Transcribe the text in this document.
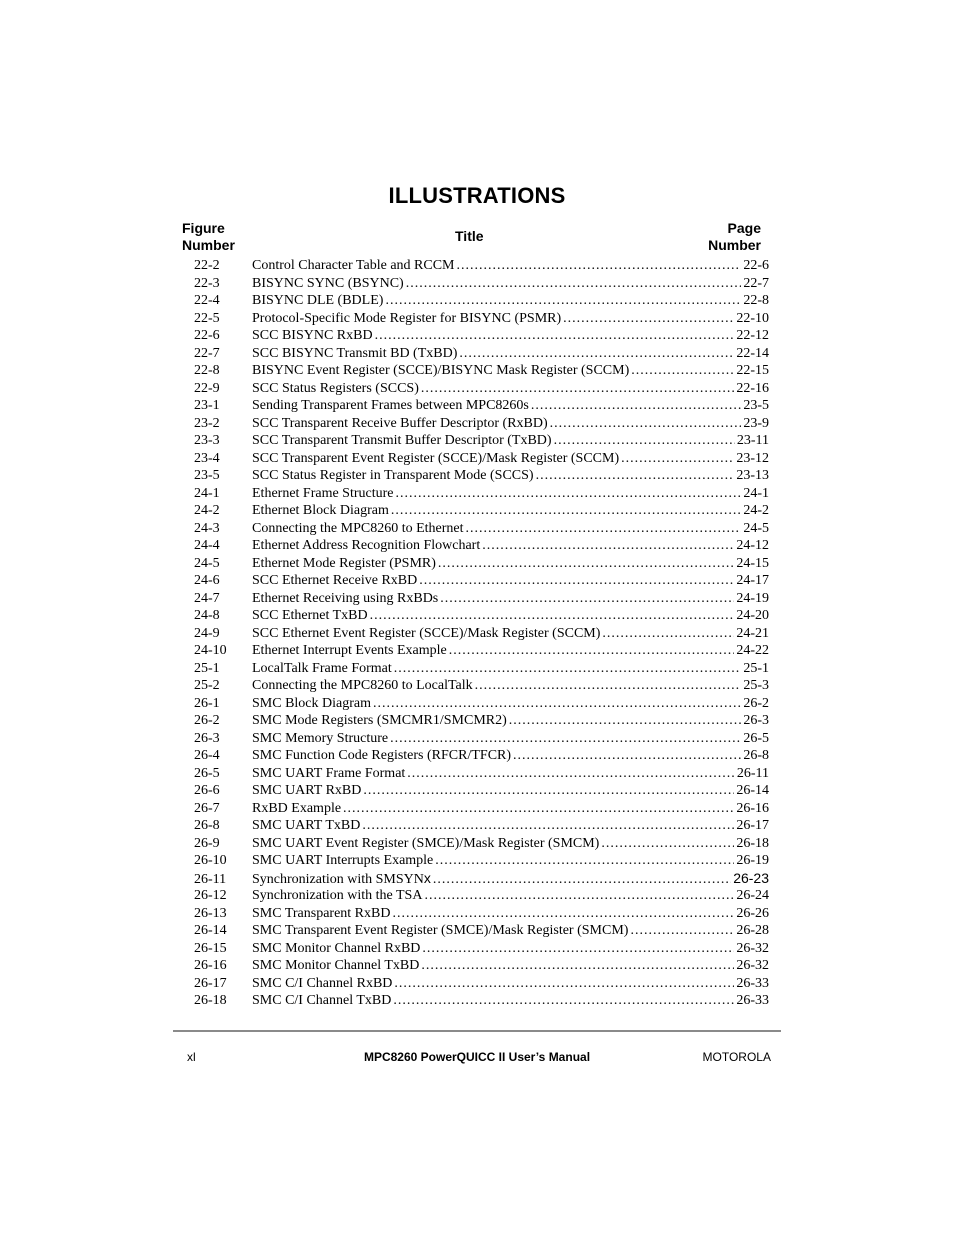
ILLUSTRATIONS
Figure
Number
Title	Page
Number
22-2	Control Character Table and RCCM .....	22-6
22-3	BISYNC SYNC (BSYNC) .....	22-7
22-4	BISYNC DLE (BDLE) .....	22-8
22-5	Protocol-Specific Mode Register for BISYNC (PSMR) .....	22-10
22-6	SCC BISYNC RxBD .....	22-12
22-7	SCC BISYNC Transmit BD (TxBD) .....	22-14
22-8	BISYNC Event Register (SCCE)/BISYNC Mask Register (SCCM) .....	22-15
22-9	SCC Status Registers (SCCS) .....	22-16
23-1	Sending Transparent Frames between MPC8260s .....	23-5
23-2	SCC Transparent Receive Buffer Descriptor (RxBD) .....	23-9
23-3	SCC Transparent Transmit Buffer Descriptor (TxBD) .....	23-11
23-4	SCC Transparent Event Register (SCCE)/Mask Register (SCCM) .....	23-12
23-5	SCC Status Register in Transparent Mode (SCCS) .....	23-13
24-1	Ethernet Frame Structure .....	24-1
24-2	Ethernet Block Diagram .....	24-2
24-3	Connecting the MPC8260 to Ethernet .....	24-5
24-4	Ethernet Address Recognition Flowchart .....	24-12
24-5	Ethernet Mode Register (PSMR) .....	24-15
24-6	SCC Ethernet Receive RxBD .....	24-17
24-7	Ethernet Receiving using RxBDs .....	24-19
24-8	SCC Ethernet TxBD .....	24-20
24-9	SCC Ethernet Event Register (SCCE)/Mask Register (SCCM) .....	24-21
24-10	Ethernet Interrupt Events Example .....	24-22
25-1	LocalTalk Frame Format .....	25-1
25-2	Connecting the MPC8260 to LocalTalk .....	25-3
26-1	SMC Block Diagram .....	26-2
26-2	SMC Mode Registers (SMCMR1/SMCMR2) .....	26-3
26-3	SMC Memory Structure .....	26-5
26-4	SMC Function Code Registers (RFCR/TFCR) .....	26-8
26-5	SMC UART Frame Format .....	26-11
26-6	SMC UART RxBD .....	26-14
26-7	RxBD Example .....	26-16
26-8	SMC UART TxBD .....	26-17
26-9	SMC UART Event Register (SMCE)/Mask Register (SMCM) .....	26-18
26-10	SMC UART Interrupts Example .....	26-19
26-11	Synchronization with SMSYNx .....	26-23
26-12	Synchronization with the TSA .....	26-24
26-13	SMC Transparent RxBD .....	26-26
26-14	SMC Transparent Event Register (SMCE)/Mask Register (SMCM) .....	26-28
26-15	SMC Monitor Channel RxBD .....	26-32
26-16	SMC Monitor Channel TxBD .....	26-32
26-17	SMC C/I Channel RxBD .....	26-33
26-18	SMC C/I Channel TxBD .....	26-33
xl	MPC8260 PowerQUICC II User’s Manual	MOTOROLA
